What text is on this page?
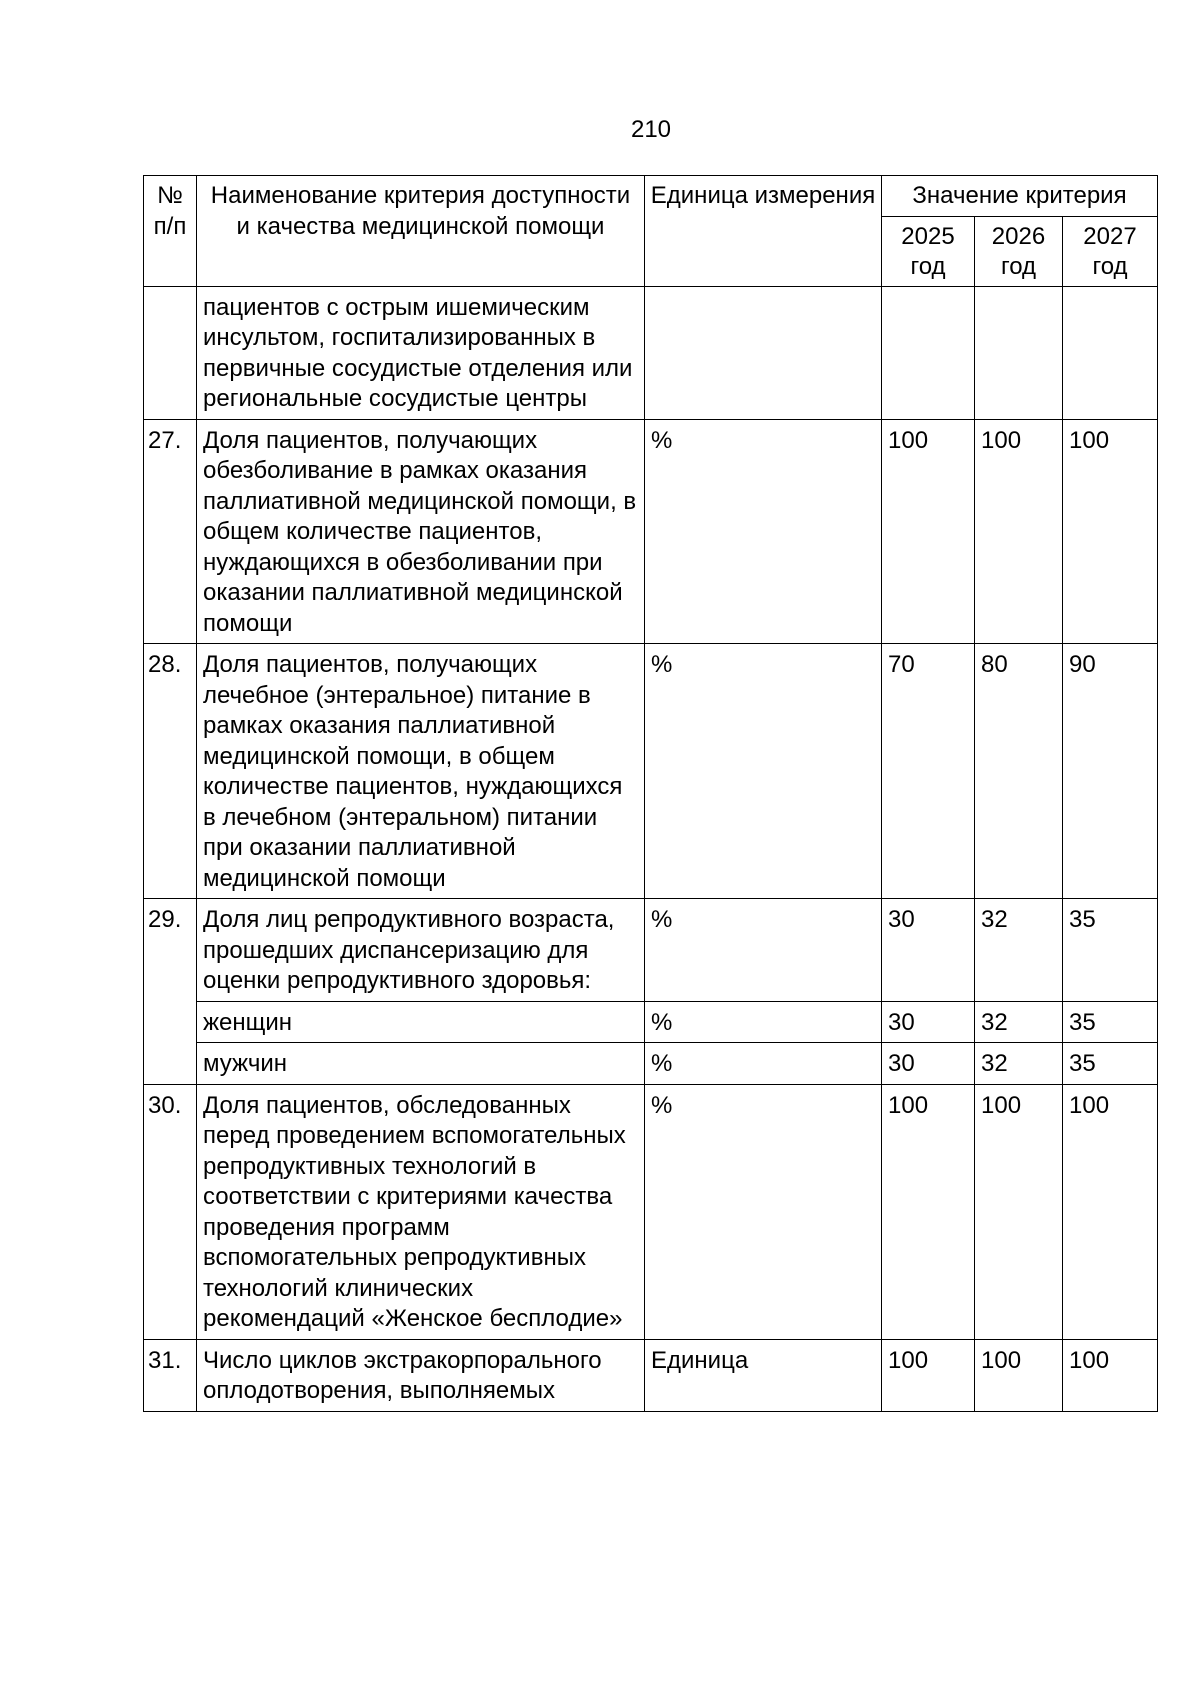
210
№ п/п	Наименование критерия доступности и качества медицинской помощи	Единица измерения	Значение критерия		
			2025 год	2026 год	2027 год
	пациентов с острым ишемическим инсультом, госпитализированных в первичные сосудистые отделения или региональные сосудистые центры				
27.	Доля пациентов, получающих обезболивание в рамках оказания паллиативной медицинской помощи, в общем количестве пациентов, нуждающихся в обезболивании при оказании паллиативной медицинской помощи	%	100	100	100
28.	Доля пациентов, получающих лечебное (энтеральное) питание в рамках оказания паллиативной медицинской помощи, в общем количестве пациентов, нуждающихся в лечебном (энтеральном) питании при оказании паллиативной медицинской помощи	%	70	80	90
29.	Доля лиц репродуктивного возраста, прошедших диспансеризацию для оценки репродуктивного здоровья:	%	30	32	35
	женщин	%	30	32	35
	мужчин	%	30	32	35
30.	Доля пациентов, обследованных перед проведением вспомогательных репродуктивных технологий в соответствии с критериями качества проведения программ вспомогательных репродуктивных технологий клинических рекомендаций «Женское бесплодие»	%	100	100	100
31.	Число циклов экстракорпорального оплодотворения, выполняемых	Единица	100	100	100
